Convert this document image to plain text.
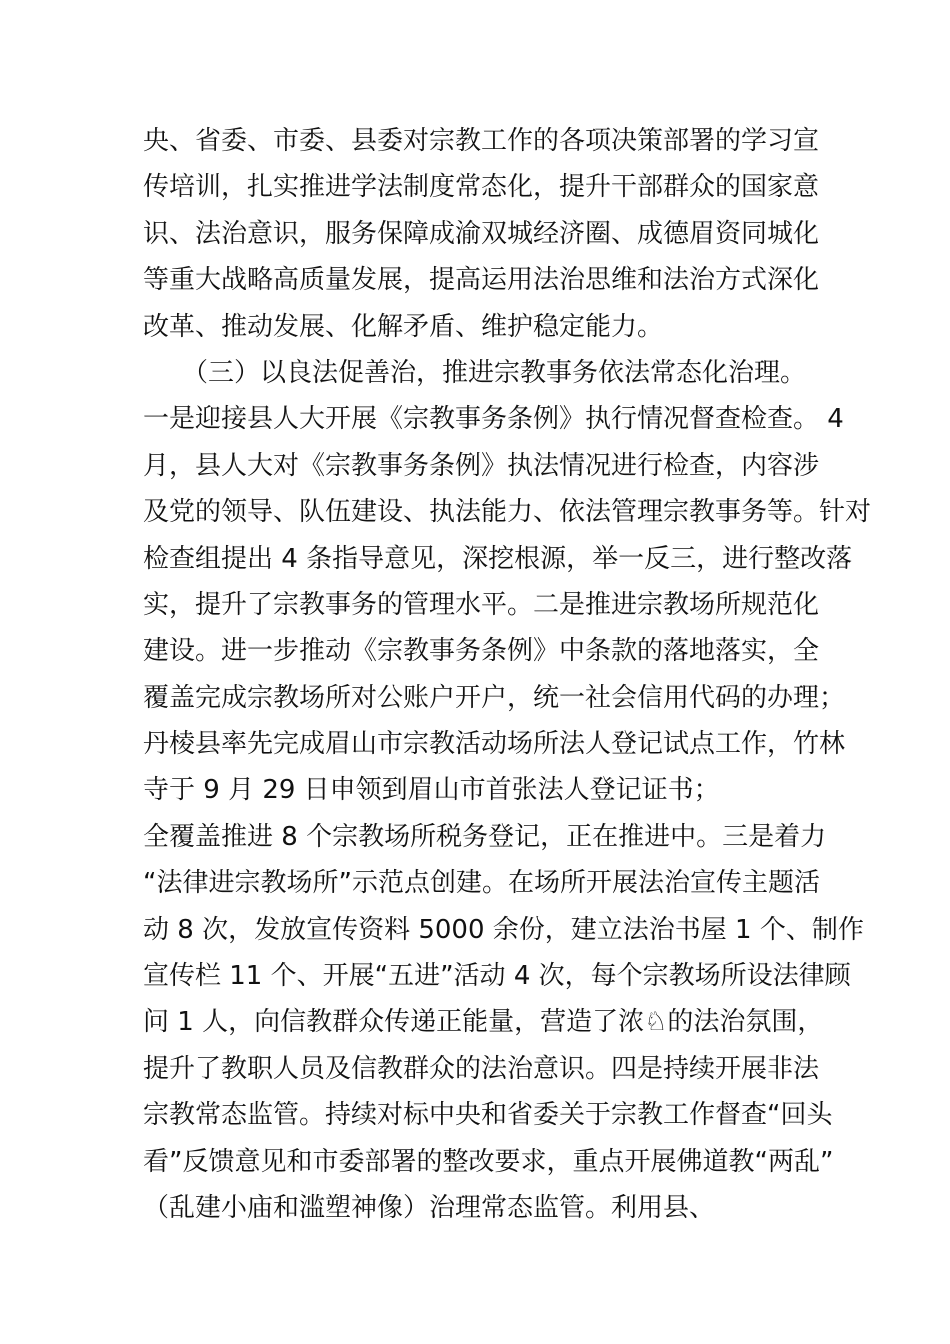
央、省委、市委、县委对宗教工作的各项决策部署的学习宣
传培训，扎实推进学法制度常态化，提升干部群众的国家意
识、法治意识，服务保障成渝双城经济圈、成德眉资同城化
等重大战略高质量发展，提高运用法治思维和法治方式深化
改革、推动发展、化解矛盾、维护稳定能力。
　　（三）以良法促善治，推进宗教事务依法常态化治理。
一是迎接县人大开展《宗教事务条例》执行情况督查检查。 4
月，县人大对《宗教事务条例》执法情况进行检查，内容涉
及党的领导、队伍建设、执法能力、依法管理宗教事务等。针对
检查组提出 4 条指导意见，深挖根源，举一反三，进行整改落
实，提升了宗教事务的管理水平。二是推进宗教场所规范化
建设。进一步推动《宗教事务条例》中条款的落地落实，全
覆盖完成宗教场所对公账户开户，统一社会信用代码的办理；
丹棱县率先完成眉山市宗教活动场所法人登记试点工作，竹林
寺于 9 月 29 日申领到眉山市首张法人登记证书；
全覆盖推进 8 个宗教场所税务登记，正在推进中。三是着力
“法律进宗教场所”示范点创建。在场所开展法治宣传主题活
动 8 次，发放宣传资料 5000 余份，建立法治书屋 1 个、制作
宣传栏 11 个、开展“五进”活动 4 次，每个宗教场所设法律顾
问 1 人，向信教群众传递正能量，营造了浓♘的法治氛围，
提升了教职人员及信教群众的法治意识。四是持续开展非法
宗教常态监管。持续对标中央和省委关于宗教工作督查“回头
看”反馈意见和市委部署的整改要求，重点开展佛道教“两乱”
（乱建小庙和滥塑神像）治理常态监管。利用县、
